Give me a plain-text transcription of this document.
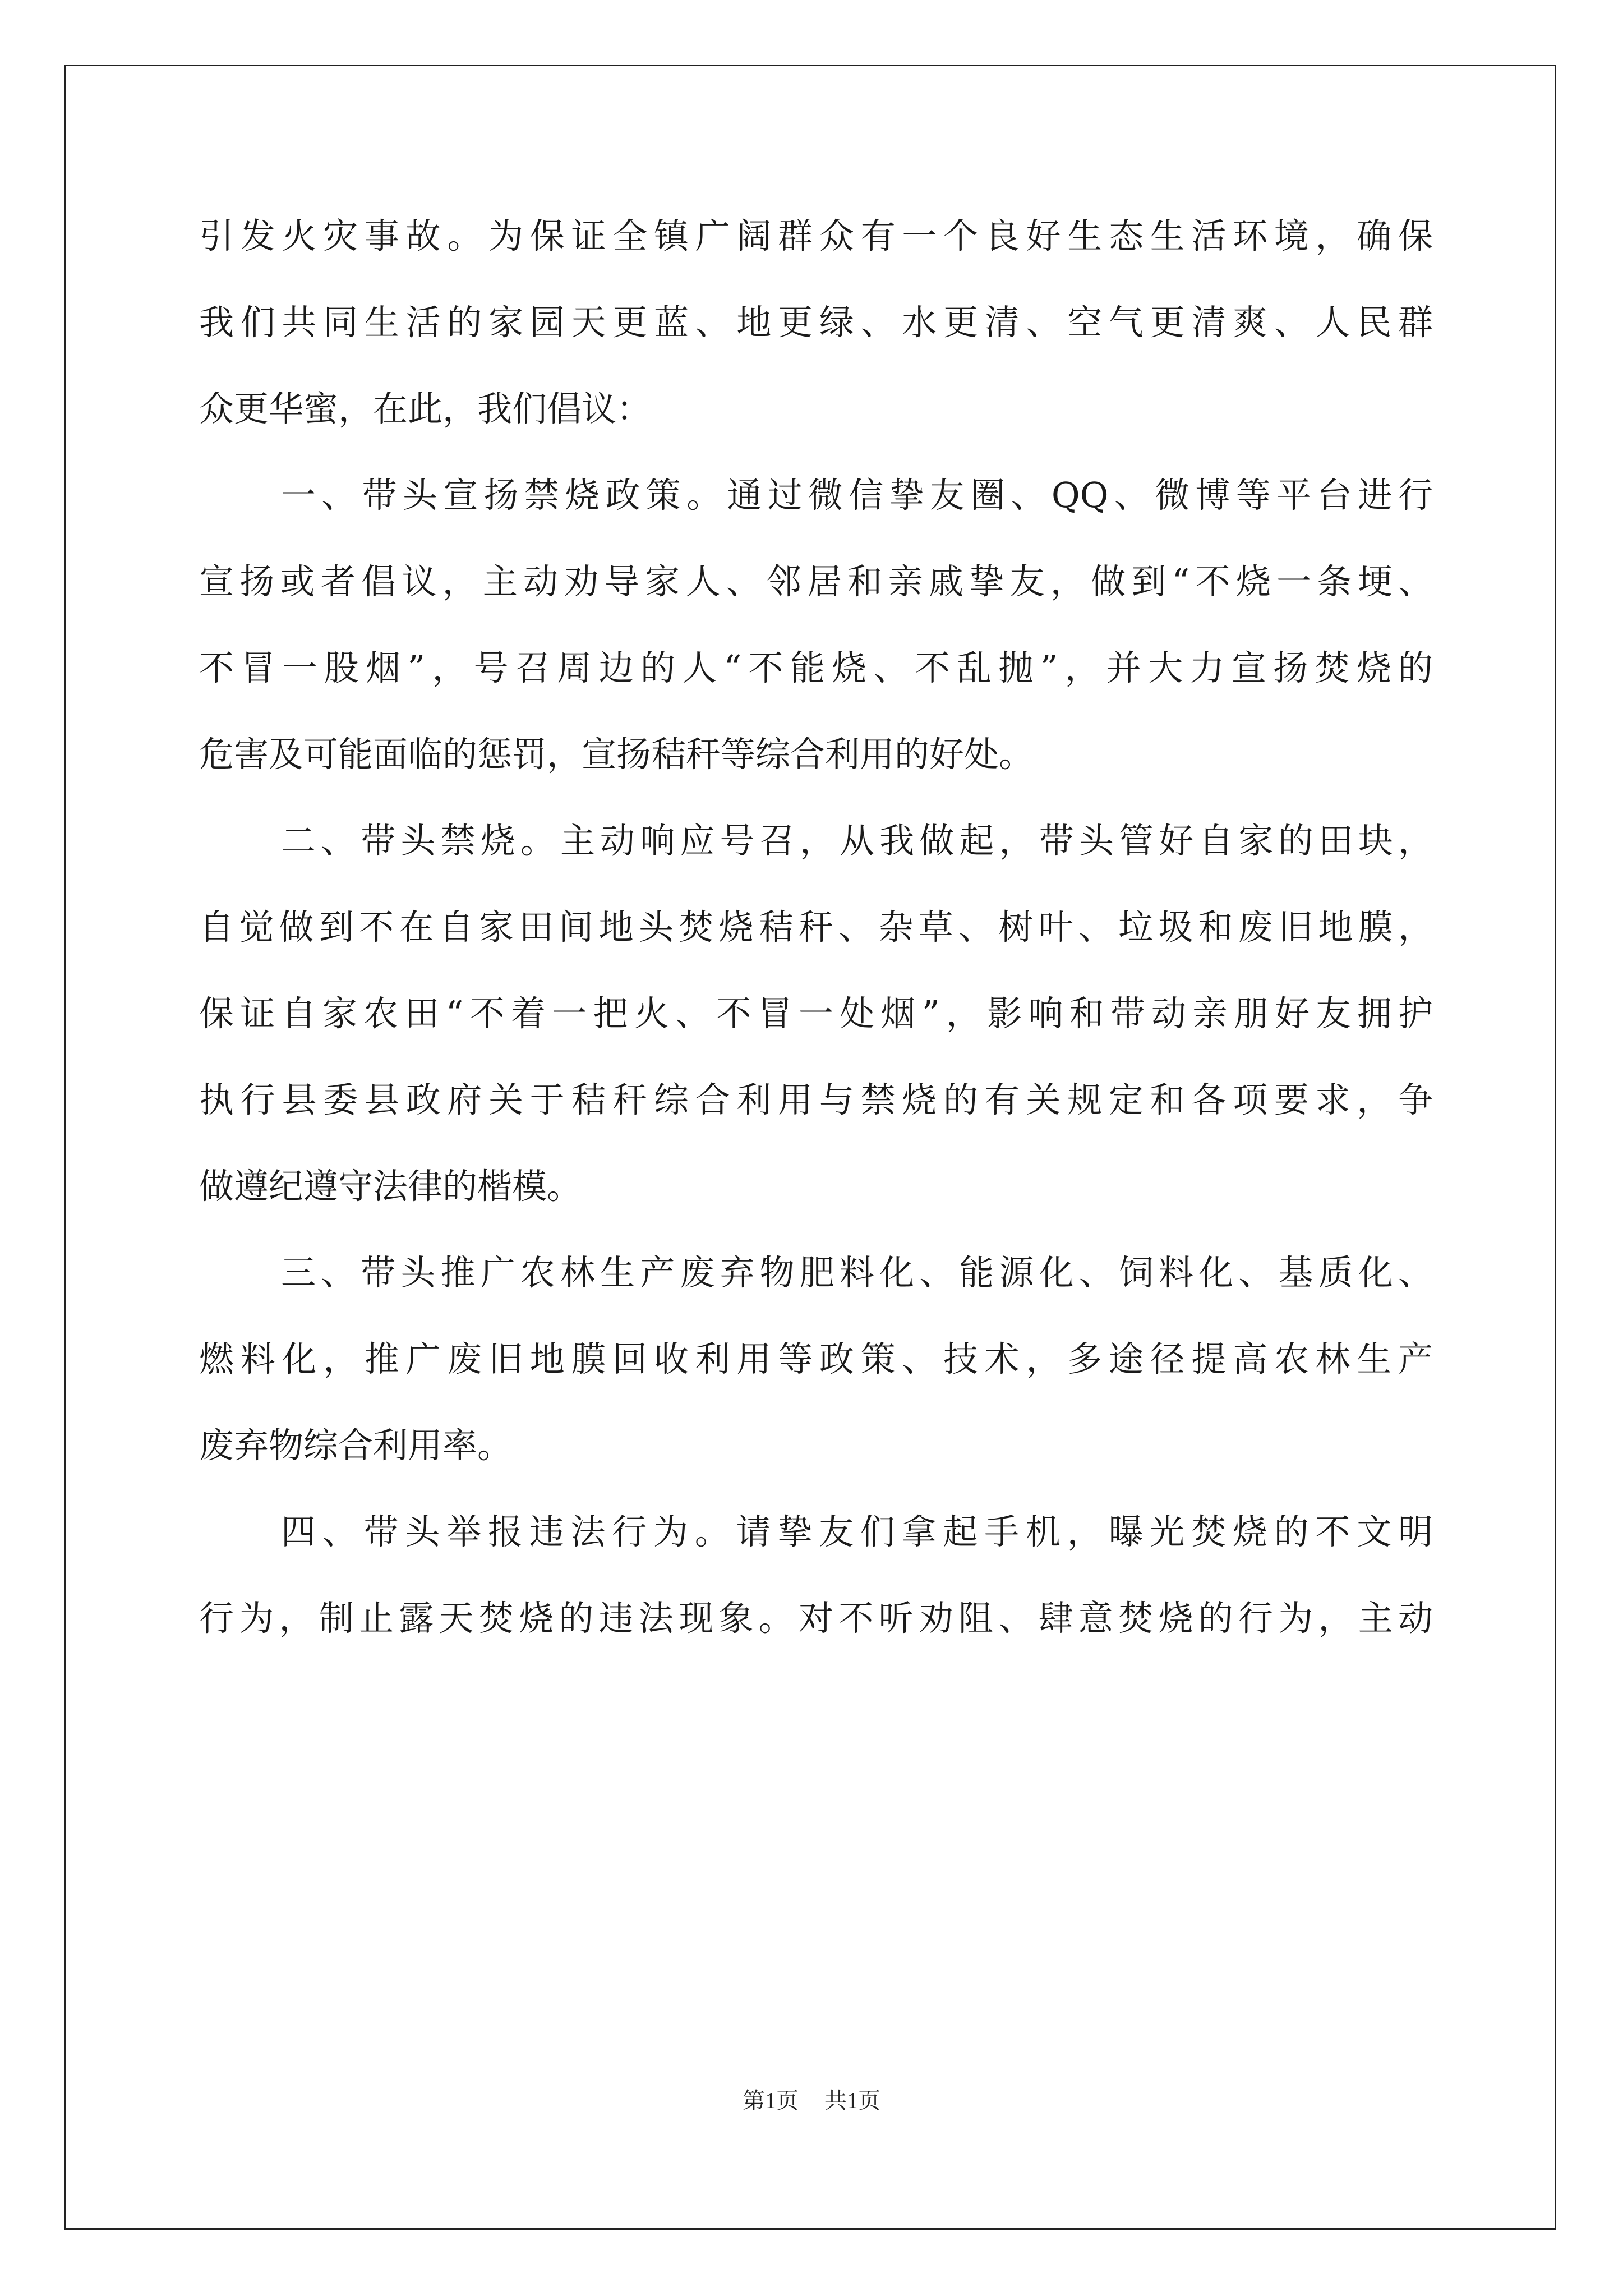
引发火灾事故。为保证全镇广阔群众有一个良好生态生活环境，确保
我们共同生活的家园天更蓝、地更绿、水更清、空气更清爽、人民群
众更华蜜，在此，我们倡议：
一、带头宣扬禁烧政策。通过微信挚友圈、QQ、微博等平台进行
宣扬或者倡议，主动劝导家人、邻居和亲戚挚友，做到“不烧一条埂、
不冒一股烟”，号召周边的人“不能烧、不乱抛”，并大力宣扬焚烧的
危害及可能面临的惩罚，宣扬秸秆等综合利用的好处。
二、带头禁烧。主动响应号召，从我做起，带头管好自家的田块，
自觉做到不在自家田间地头焚烧秸秆、杂草、树叶、垃圾和废旧地膜，
保证自家农田“不着一把火、不冒一处烟”，影响和带动亲朋好友拥护
执行县委县政府关于秸秆综合利用与禁烧的有关规定和各项要求，争
做遵纪遵守法律的楷模。
三、带头推广农林生产废弃物肥料化、能源化、饲料化、基质化、
燃料化，推广废旧地膜回收利用等政策、技术，多途径提高农林生产
废弃物综合利用率。
四、带头举报违法行为。请挚友们拿起手机，曝光焚烧的不文明
行为，制止露天焚烧的违法现象。对不听劝阻、肆意焚烧的行为，主动
第1页 共1页
